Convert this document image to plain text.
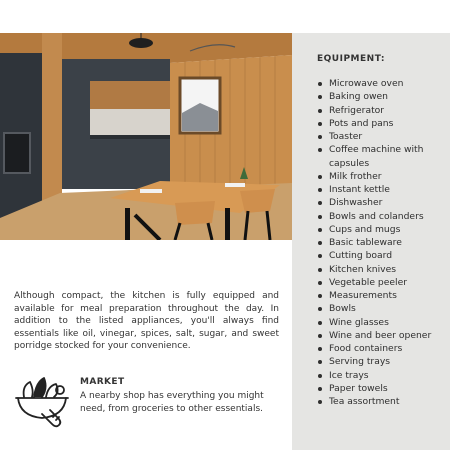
EQUIPMENT:
Microwave oven
Baking owen
Refrigerator
Pots and pans
Toaster
Coffee machine with capsules
Milk frother
Instant kettle
Dishwasher
Bowls and colanders
Cups and mugs
Basic tableware
Cutting board
Kitchen knives
Vegetable peeler
Measurements
Bowls
Wine glasses
Wine and beer opener
Food containers
Serving trays
Ice trays
Paper towels
Tea assortment

Although compact, the kitchen is fully equipped and available for meal preparation throughout the day. In addition to the listed appliances, you'll always find essentials like oil, vinegar, spices, salt, sugar, and sweet porridge stocked for your convenience.

MARKET

A nearby shop has everything you might need, from groceries to other essentials.
